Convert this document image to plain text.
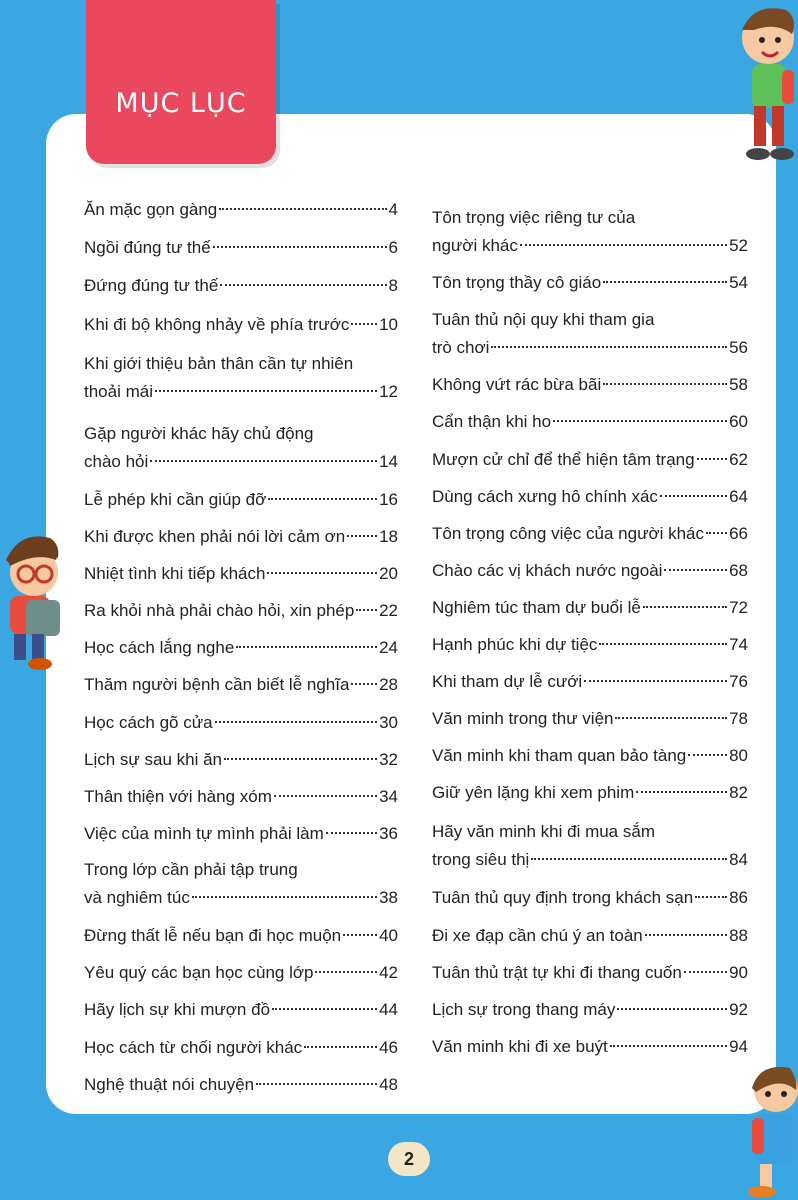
MỤC LỤC
Ăn mặc gọn gàng	4
Ngồi đúng tư thế	6
Đứng đúng tư thế	8
Khi đi bộ không nhảy về phía trước 10
Khi giới thiệu bản thân cần tự nhiên
thoải mái	12
Gặp người khác hãy chủ động
chào hỏi	14
Lễ phép khi cần giúp đỡ	16
Khi được khen phải nói lời cảm ơn 18
Nhiệt tình khi tiếp khách	20
Ra khỏi nhà phải chào hỏi, xin phép 22
Học cách lắng nghe	24
Thăm người bệnh cần biết lễ nghĩa 28
Học cách gõ cửa	30
Lịch sự sau khi ăn	32
Thân thiện với hàng xóm	34
Việc của mình tự mình phải làm	36
Trong lớp cần phải tập trung
và nghiêm túc	38
Đừng thất lễ nếu bạn đi học muộn 40
Yêu quý các bạn học cùng lớp	42
Hãy lịch sự khi mượn đồ	44
Học cách từ chối người khác	46
Nghệ thuật nói chuyện	48
Tôn trọng việc riêng tư của
người khác	52
Tôn trọng thầy cô giáo	54
Tuân thủ nội quy khi tham gia
trò chơi	56
Không vứt rác bừa bãi	58
Cẩn thận khi ho	60
Mượn cử chỉ để thể hiện tâm trạng 62
Dùng cách xưng hô chính xác	64
Tôn trọng công việc của người khác 66
Chào các vị khách nước ngoài	68
Nghiêm túc tham dự buổi lễ	72
Hạnh phúc khi dự tiệc	74
Khi tham dự lễ cưới	76
Văn minh trong thư viện	78
Văn minh khi tham quan bảo tàng	80
Giữ yên lặng khi xem phim	82
Hãy văn minh khi đi mua sắm
trong siêu thị	84
Tuân thủ quy định trong khách sạn 86
Đi xe đạp cần chú ý an toàn	88
Tuân thủ trật tự khi đi thang cuốn	90
Lịch sự trong thang máy	92
Văn minh khi đi xe buýt	94
2
